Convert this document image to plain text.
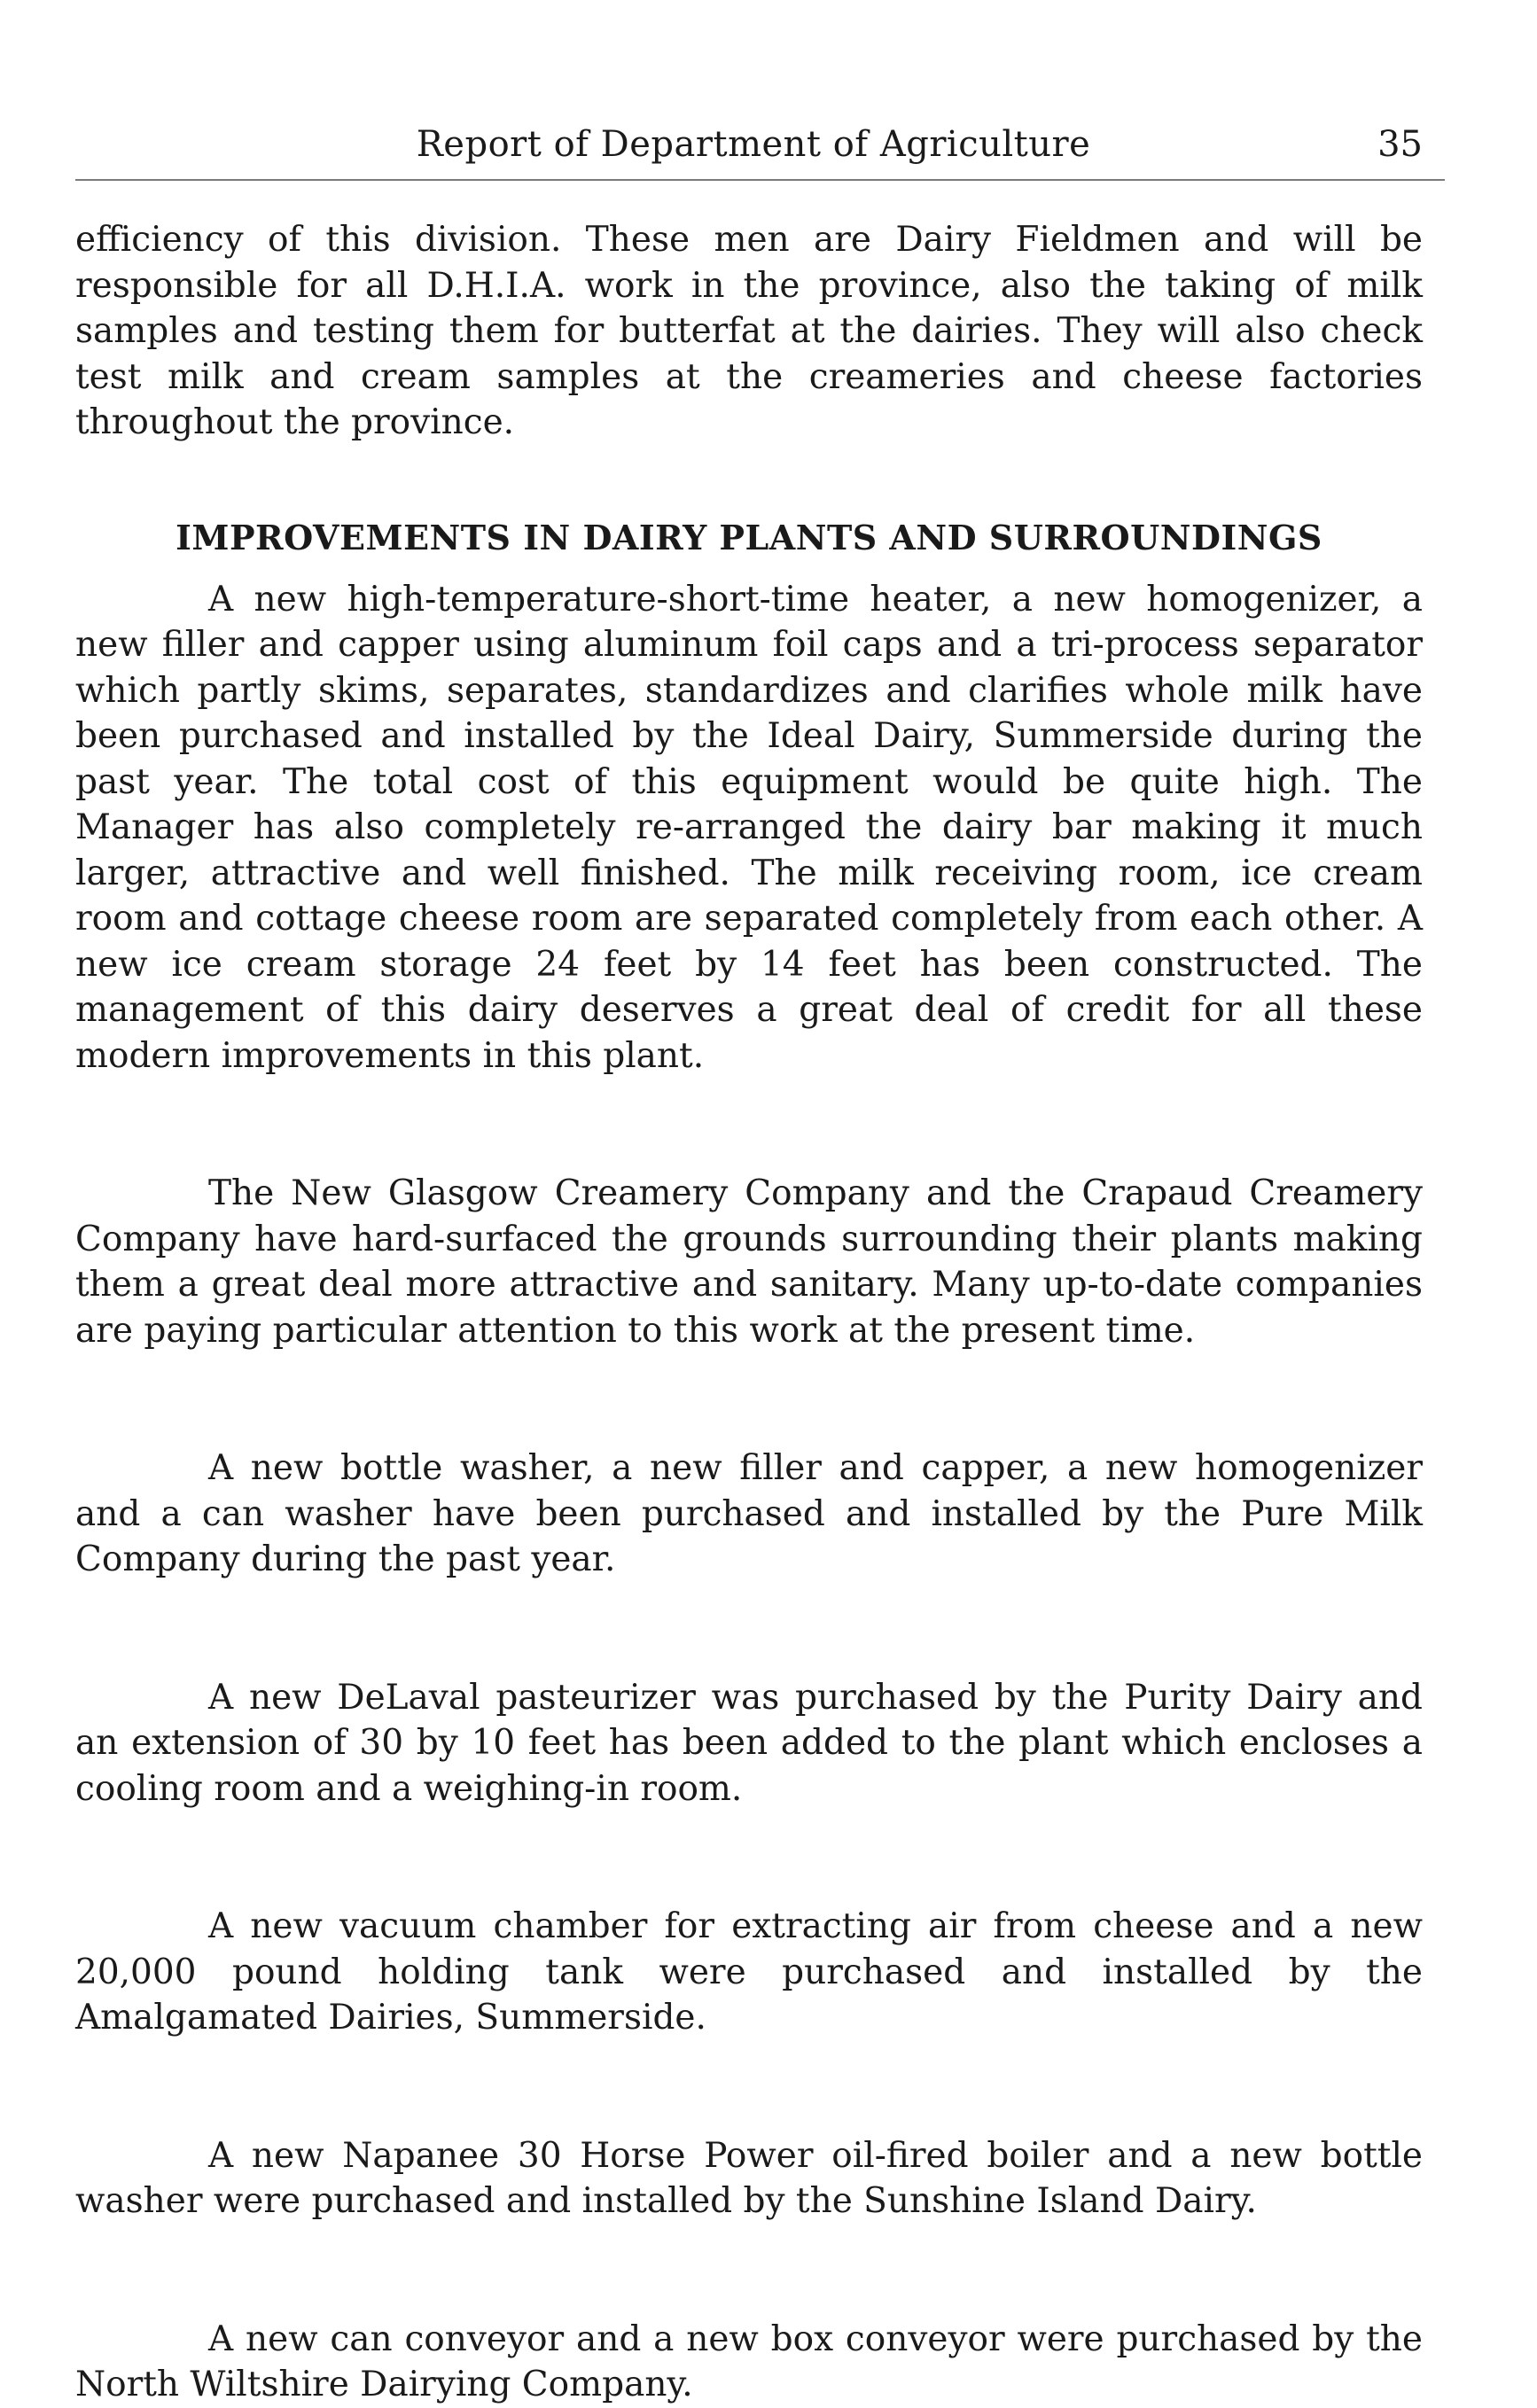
Report of Department of Agriculture	35

efficiency of this division. These men are Dairy Fieldmen and will be responsible for all D.H.I.A. work in the province, also the taking of milk samples and testing them for butterfat at the dairies. They will also check test milk and cream samples at the creameries and cheese factories throughout the province.

IMPROVEMENTS IN DAIRY PLANTS AND SURROUNDINGS

A new high-temperature-short-time heater, a new homogenizer, a new filler and capper using aluminum foil caps and a tri-process separator which partly skims, separates, standardizes and clarifies whole milk have been purchased and installed by the Ideal Dairy, Summerside during the past year. The total cost of this equipment would be quite high. The Manager has also completely re-arranged the dairy bar making it much larger, attractive and well finished. The milk receiving room, ice cream room and cottage cheese room are separated completely from each other. A new ice cream storage 24 feet by 14 feet has been constructed. The management of this dairy deserves a great deal of credit for all these modern improvements in this plant.

The New Glasgow Creamery Company and the Crapaud Creamery Company have hard-surfaced the grounds surrounding their plants making them a great deal more attractive and sanitary. Many up-to-date companies are paying particular attention to this work at the present time.

A new bottle washer, a new filler and capper, a new homogenizer and a can washer have been purchased and installed by the Pure Milk Company during the past year.

A new DeLaval pasteurizer was purchased by the Purity Dairy and an extension of 30 by 10 feet has been added to the plant which encloses a cooling room and a weighing-in room.

A new vacuum chamber for extracting air from cheese and a new 20,000 pound holding tank were purchased and installed by the Amalgamated Dairies, Summerside.

A new Napanee 30 Horse Power oil-fired boiler and a new bottle washer were purchased and installed by the Sunshine Island Dairy.

A new can conveyor and a new box conveyor were purchased by the North Wiltshire Dairying Company.
